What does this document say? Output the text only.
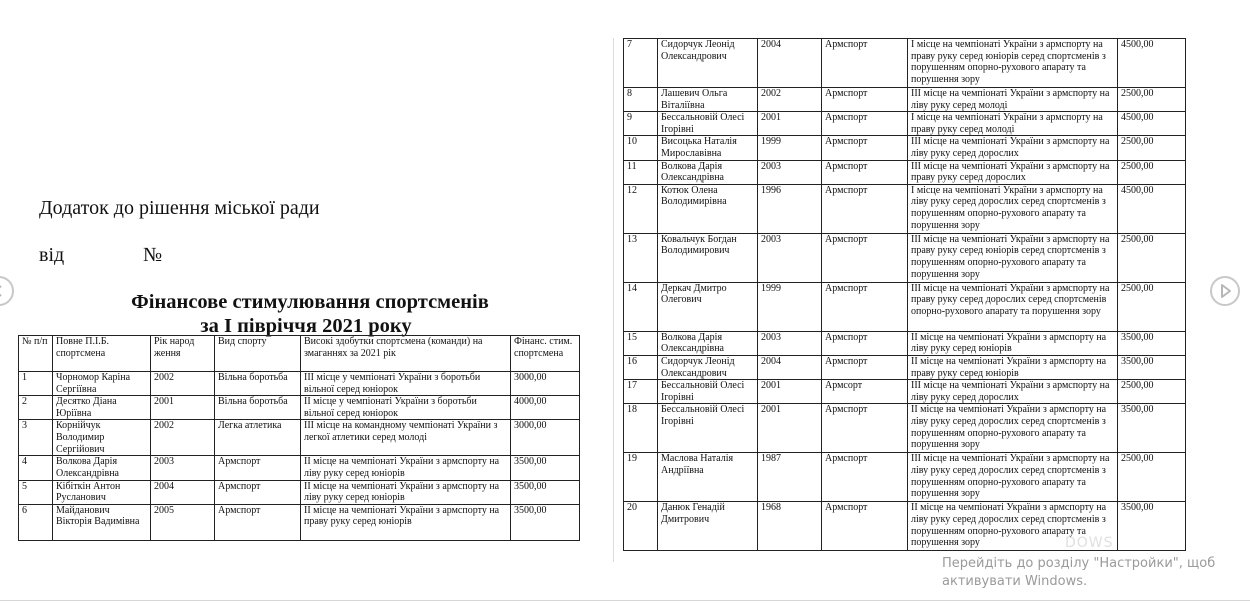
Додаток до рішення міської ради
від	№
Фінансове стимулювання спортсменів
за І півріччя 2021 року
№ п/п	Повне П.І.Б. спортсмена	Рік народ ження	Вид спорту	Високі здобутки спортсмена (команди) на змаганнях за 2021 рік	Фінанс. стим. спортсмена
1	Чорномор Каріна Сергіївна	2002	Вільна боротьба	ІІІ місце у чемпіонаті України з боротьби вільної серед юніорок	3000,00
2	Десятко Діана Юріївна	2001	Вільна боротьба	ІІ місце у чемпіонаті України з боротьби вільної серед юніорок	4000,00
3	Корнійчук Володимир Сергійович	2002	Легка атлетика	ІІІ місце на командному чемпіонаті України з легкої атлетики серед молоді	3000,00
4	Волкова Дарія Олександрівна	2003	Армспорт	ІІ місце на чемпіонаті України з армспорту на ліву руку серед юніорів	3500,00
5	Кібіткін Антон Русланович	2004	Армспорт	ІІ місце на чемпіонаті України з армспорту на ліву руку серед юніорів	3500,00
6	Майданович Вікторія Вадимівна	2005	Армспорт	ІІ місце на чемпіонаті України з армспорту на праву руку серед юніорів	3500,00
7	Сидорчук Леонід Олександрович	2004	Армспорт	І місце на чемпіонаті України з армспорту на праву руку серед юніорів серед спортсменів з порушенням опорно-рухового апарату та порушення зору	4500,00
8	Лашевич Ольга Віталіївна	2002	Армспорт	ІІІ місце на чемпіонаті України з армспорту на ліву руку серед молоді	2500,00
9	Бессальновій Олесі Ігорівні	2001	Армспорт	І місце на чемпіонаті України з армспорту на праву руку серед молоді	4500,00
10	Висоцька Наталія Мирославівна	1999	Армспорт	ІІІ місце на чемпіонаті України з армспорту на ліву руку серед дорослих	2500,00
11	Волкова Дарія Олександрівна	2003	Армспорт	ІІІ місце на чемпіонаті України з армспорту на праву руку серед дорослих	2500,00
12	Котюк Олена Володимирівна	1996	Армспорт	І місце на чемпіонаті України з армспорту на ліву руку серед дорослих серед спортсменів з порушенням опорно-рухового апарату та порушення зору	4500,00
13	Ковальчук Богдан Володимирович	2003	Армспорт	ІІІ місце на чемпіонаті України з армспорту на праву руку серед юніорів серед спортсменів з порушенням опорно-рухового апарату та порушення зору	2500,00
14	Деркач Дмитро Олегович	1999	Армспорт	ІІІ місце на чемпіонаті України з армспорту на праву руку серед дорослих серед спортсменів опорно-рухового апарату та порушення зору	2500,00
15	Волкова Дарія Олександрівна	2003	Армспорт	ІІ місце на чемпіонаті України з армспорту на ліву руку серед юніорів	3500,00
16	Сидорчук Леонід Олександрович	2004	Армспорт	ІІ місце на чемпіонаті України з армспорту на праву руку серед юніорів	3500,00
17	Бессальновій Олесі Ігорівні	2001	Армсорт	ІІІ місце на чемпіонаті України з армспорту на ліву руку серед дорослих	2500,00
18	Бессальновій Олесі Ігорівні	2001	Армспорт	ІІ місце на чемпіонаті України з армспорту на ліву руку серед дорослих серед спортсменів з порушенням опорно-рухового апарату та порушення зору	3500,00
19	Маслова Наталія Андріївна	1987	Армспорт	ІІІ місце на чемпіонаті України з армспорту на ліву руку серед дорослих серед спортсменів з порушенням опорно-рухового апарату та порушення зору	2500,00
20	Данюк Генадій Дмитрович	1968	Армспорт	ІІ місце на чемпіонаті України з армспорту на ліву руку серед дорослих серед спортсменів з порушенням опорно-рухового апарату та порушення зору	3500,00
DOWS
Перейдіть до розділу "Настройки", щоб
активувати Windows.
